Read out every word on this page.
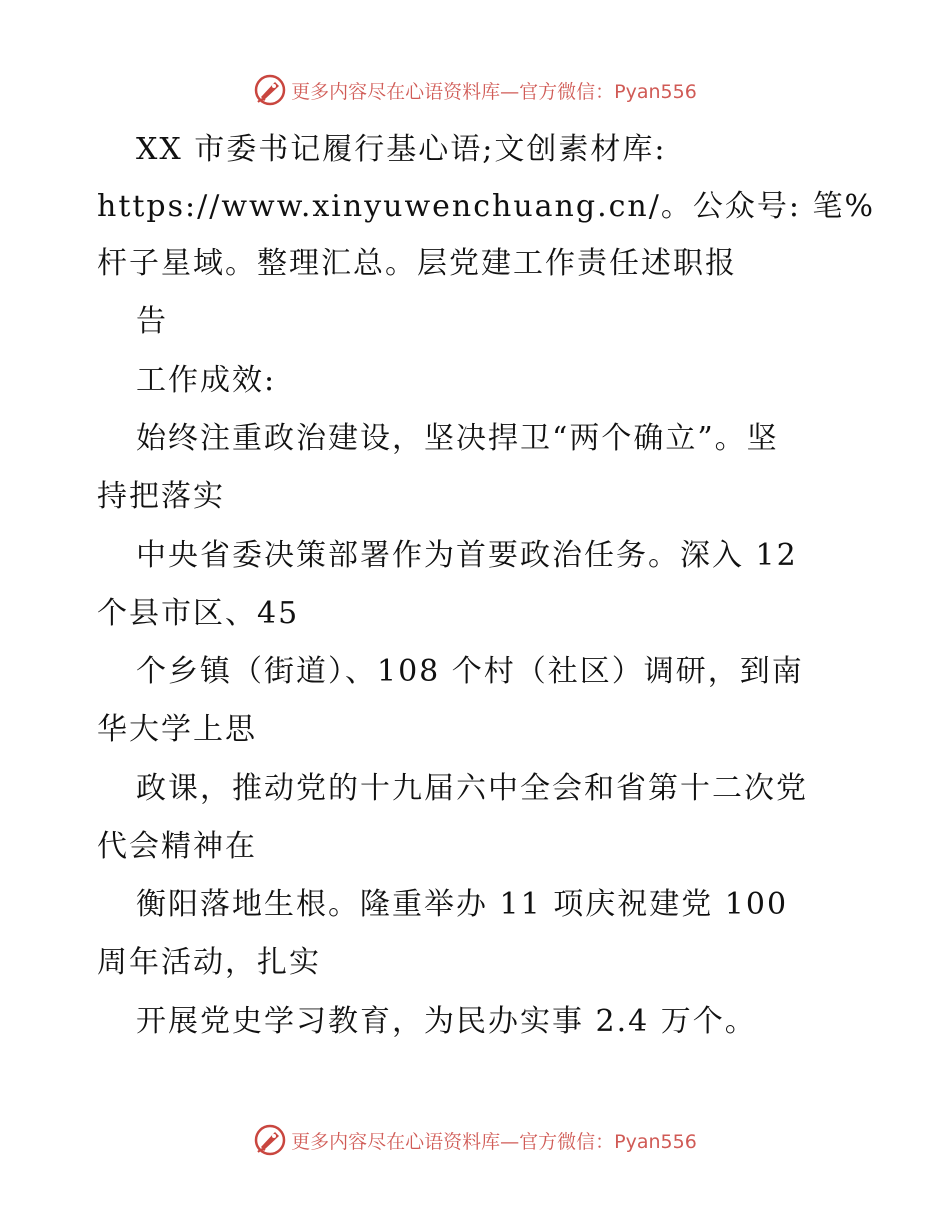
更多内容尽在心语资料库—官方微信：Pyan556
XX 市委书记履行基心语;文创素材库:
https://www.xinyuwenchuang.cn/。公众号: 笔%
杆子星域。整理汇总。层党建工作责任述职报
告
工作成效:
始终注重政治建设，坚决捍卫“两个确立”。坚
持把落实
中央省委决策部署作为首要政治任务。深入 12
个县市区、45
个乡镇（街道）、108 个村（社区）调研，到南
华大学上思
政课，推动党的十九届六中全会和省第十二次党
代会精神在
衡阳落地生根。隆重举办 11 项庆祝建党 100
周年活动，扎实
开展党史学习教育，为民办实事 2.4 万个。
更多内容尽在心语资料库—官方微信：Pyan556
